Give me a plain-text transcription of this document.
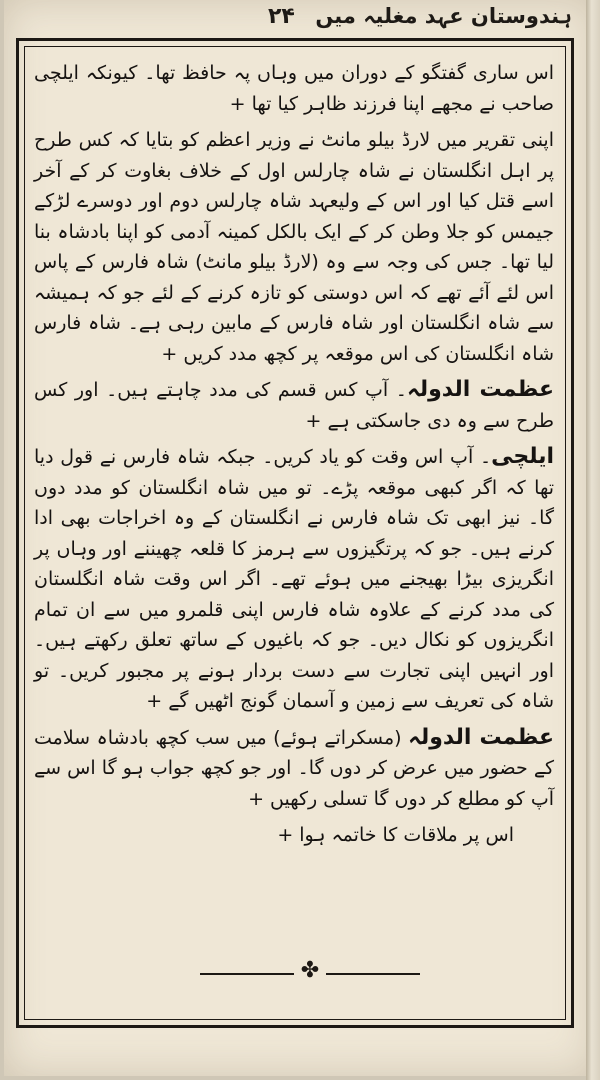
ہندوستان عہد مغلیہ میں
۲۴

اس ساری گفتگو کے دوران میں وہاں پہ حافظ تھا۔ کیونکہ ایلچی صاحب نے مجھے اپنا فرزند ظاہر کیا تھا +

اپنی تقریر میں لارڈ بیلو مانٹ نے وزیر اعظم کو بتایا کہ کس طرح پر اہل انگلستان نے شاہ چارلس اول کے خلاف بغاوت کر کے آخر اسے قتل کیا اور اس کے ولیعہد شاہ چارلس دوم اور دوسرے لڑکے جیمس کو جلا وطن کر کے ایک بالکل کمینہ آدمی کو اپنا بادشاہ بنا لیا تھا۔ جس کی وجہ سے وہ (لارڈ بیلو مانٹ) شاہ فارس کے پاس اس لئے آئے تھے کہ اس دوستی کو تازہ کرنے کے لئے جو کہ ہمیشہ سے شاہ انگلستان اور شاہ فارس کے مابین رہی ہے۔ شاہ فارس شاہ انگلستان کی اس موقعہ پر کچھ مدد کریں +

عظمت الدولہ۔ آپ کس قسم کی مدد چاہتے ہیں۔ اور کس طرح سے وہ دی جاسکتی ہے +

ایلچی۔ آپ اس وقت کو یاد کریں۔ جبکہ شاہ فارس نے قول دیا تھا کہ اگر کبھی موقعہ پڑے۔ تو میں شاہ انگلستان کو مدد دوں گا۔ نیز ابھی تک شاہ فارس نے انگلستان کے وہ اخراجات بھی ادا کرنے ہیں۔ جو کہ پرتگیزوں سے ہرمز کا قلعہ چھیننے اور وہاں پر انگریزی بیڑا بھیجنے میں ہوئے تھے۔ اگر اس وقت شاہ انگلستان کی مدد کرنے کے علاوہ شاہ فارس اپنی قلمرو میں سے ان تمام انگریزوں کو نکال دیں۔ جو کہ باغیوں کے ساتھ تعلق رکھتے ہیں۔ اور انہیں اپنی تجارت سے دست بردار ہونے پر مجبور کریں۔ تو شاہ کی تعریف سے زمین و آسمان گونج اٹھیں گے +

عظمت الدولہ (مسکراتے ہوئے) میں سب کچھ بادشاہ سلامت کے حضور میں عرض کر دوں گا۔ اور جو کچھ جواب ہو گا اس سے آپ کو مطلع کر دوں گا تسلی رکھیں +

اس پر ملاقات کا خاتمہ ہوا +

✤
